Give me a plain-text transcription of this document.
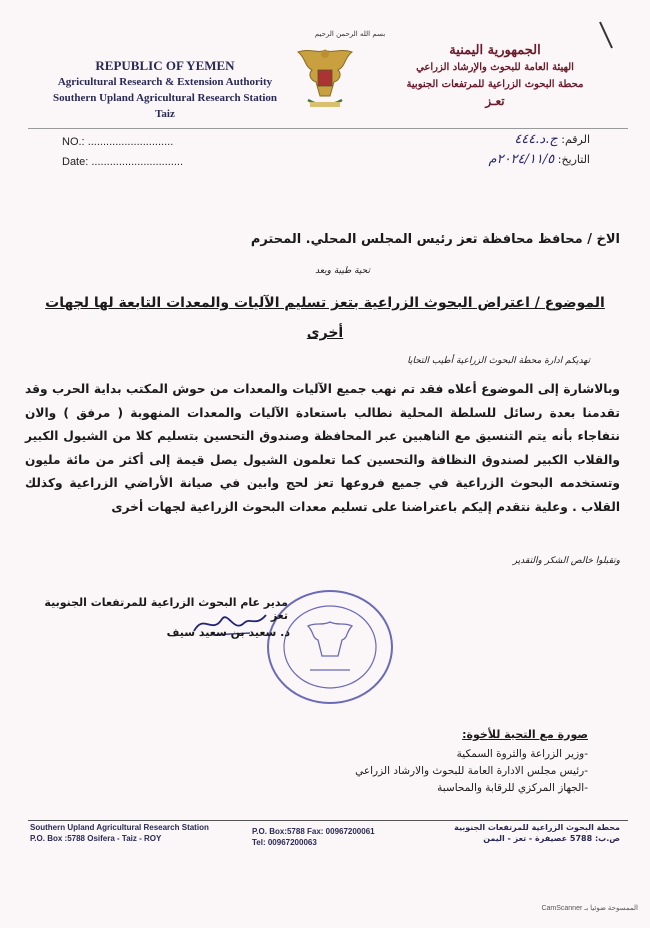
REPUBLIC OF YEMEN
Agricultural Research & Extension Authority
Southern Upland Agricultural Research Station
Taiz
بسم الله الرحمن الرحيم
الجمهورية اليمنية
الهيئة العامة للبحوث والإرشاد الزراعي
محطة البحوث الزراعية للمرتفعات الجنوبية
تعـز
NO.: ............................
Date: ..............................
الرقم: ج.د.٤٤٤
التاريخ: ٢٠٢٤/١١/٥م
الاخ / محافظ محافظة تعز رئيس المجلس المحلي. المحترم
تحية طيبة وبعد
الموضوع / اعتراض البحوث الزراعية بتعز تسليم الآليات والمعدات التابعة لها لجهات أخرى
تهديكم ادارة محطة البحوث الزراعية أطيب التحايا
وبالاشارة إلى الموضوع أعلاه فقد تم نهب جميع الآليات والمعدات من حوش المكتب بداية الحرب وقد تقدمنا بعدة رسائل للسلطة المحلية نطالب باستعادة الآليات والمعدات المنهوبة ( مرفق ) والان نتفاجاء بأنه يتم التنسيق مع الناهبين عبر المحافظة وصندوق التحسين بتسليم كلا من الشيول الكبير والقلاب الكبير لصندوق النظافة والتحسين كما تعلمون الشيول يصل قيمة إلى أكثر من مائة مليون وتستخدمه البحوث الزراعية في جميع فروعها تعز لحج وابين في صيانة الأراضي الزراعية وكذلك القلاب . وعلية نتقدم إليكم باعتراضنا على تسليم معدات البحوث الزراعية لجهات أخرى
وتقبلوا خالص الشكر والتقدير
مدير عام البحوث الزراعية للمرتفعات الجنوبية تعز
د. سعيد بن سعيد سيف
صورة مع التحية للأخوة:
-وزير الزراعة والثروة السمكية
-رئيس مجلس الادارة العامة للبحوث والارشاد الزراعي
-الجهاز المركزي للرقابة والمحاسبة
Southern Upland Agricultural Research Station
P.O. Box :5788 Osifera - Taiz - ROY
P.O. Box:5788 Fax: 00967200061
Tel: 00967200063
محطة البحوث الزراعية للمرتفعات الجنوبية
ص.ب: 5788 عصيفرة - تعز - اليمن
CamScanner الممسوحة ضوئيا بـ
